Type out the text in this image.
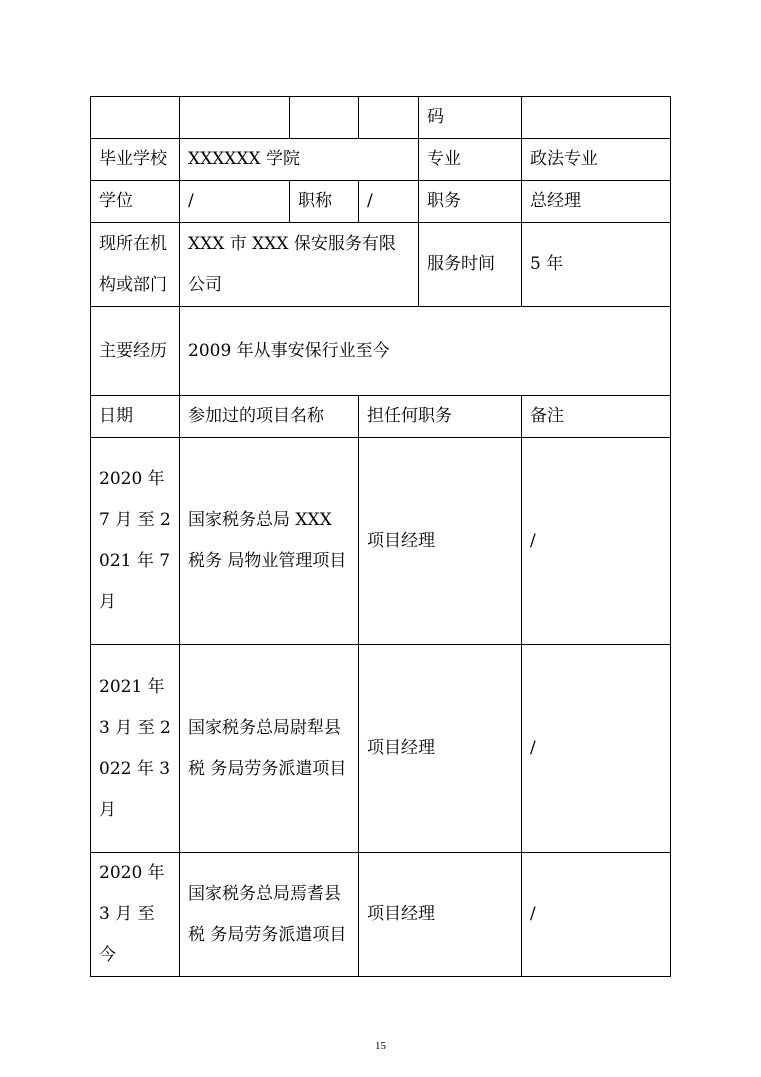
				码	
毕业学校	XXXXXX 学院			专业	政法专业
学位	/	职称	/	职务	总经理
现所在机构或部门	XXX 市 XXX 保安服务有限公司			服务时间	5 年
主要经历	2009 年从事安保行业至今				
日期	参加过的项目名称		担任何职务		备注
2020 年 7 月 至 2021 年 7 月	国家税务总局 XXX 税务 局物业管理项目		项目经理		/
2021 年 3 月 至 2022 年 3 月	国家税务总局尉犁县税 务局劳务派遣项目		项目经理		/
2020 年 3 月 至今	国家税务总局焉耆县税 务局劳务派遣项目		项目经理		/
15
